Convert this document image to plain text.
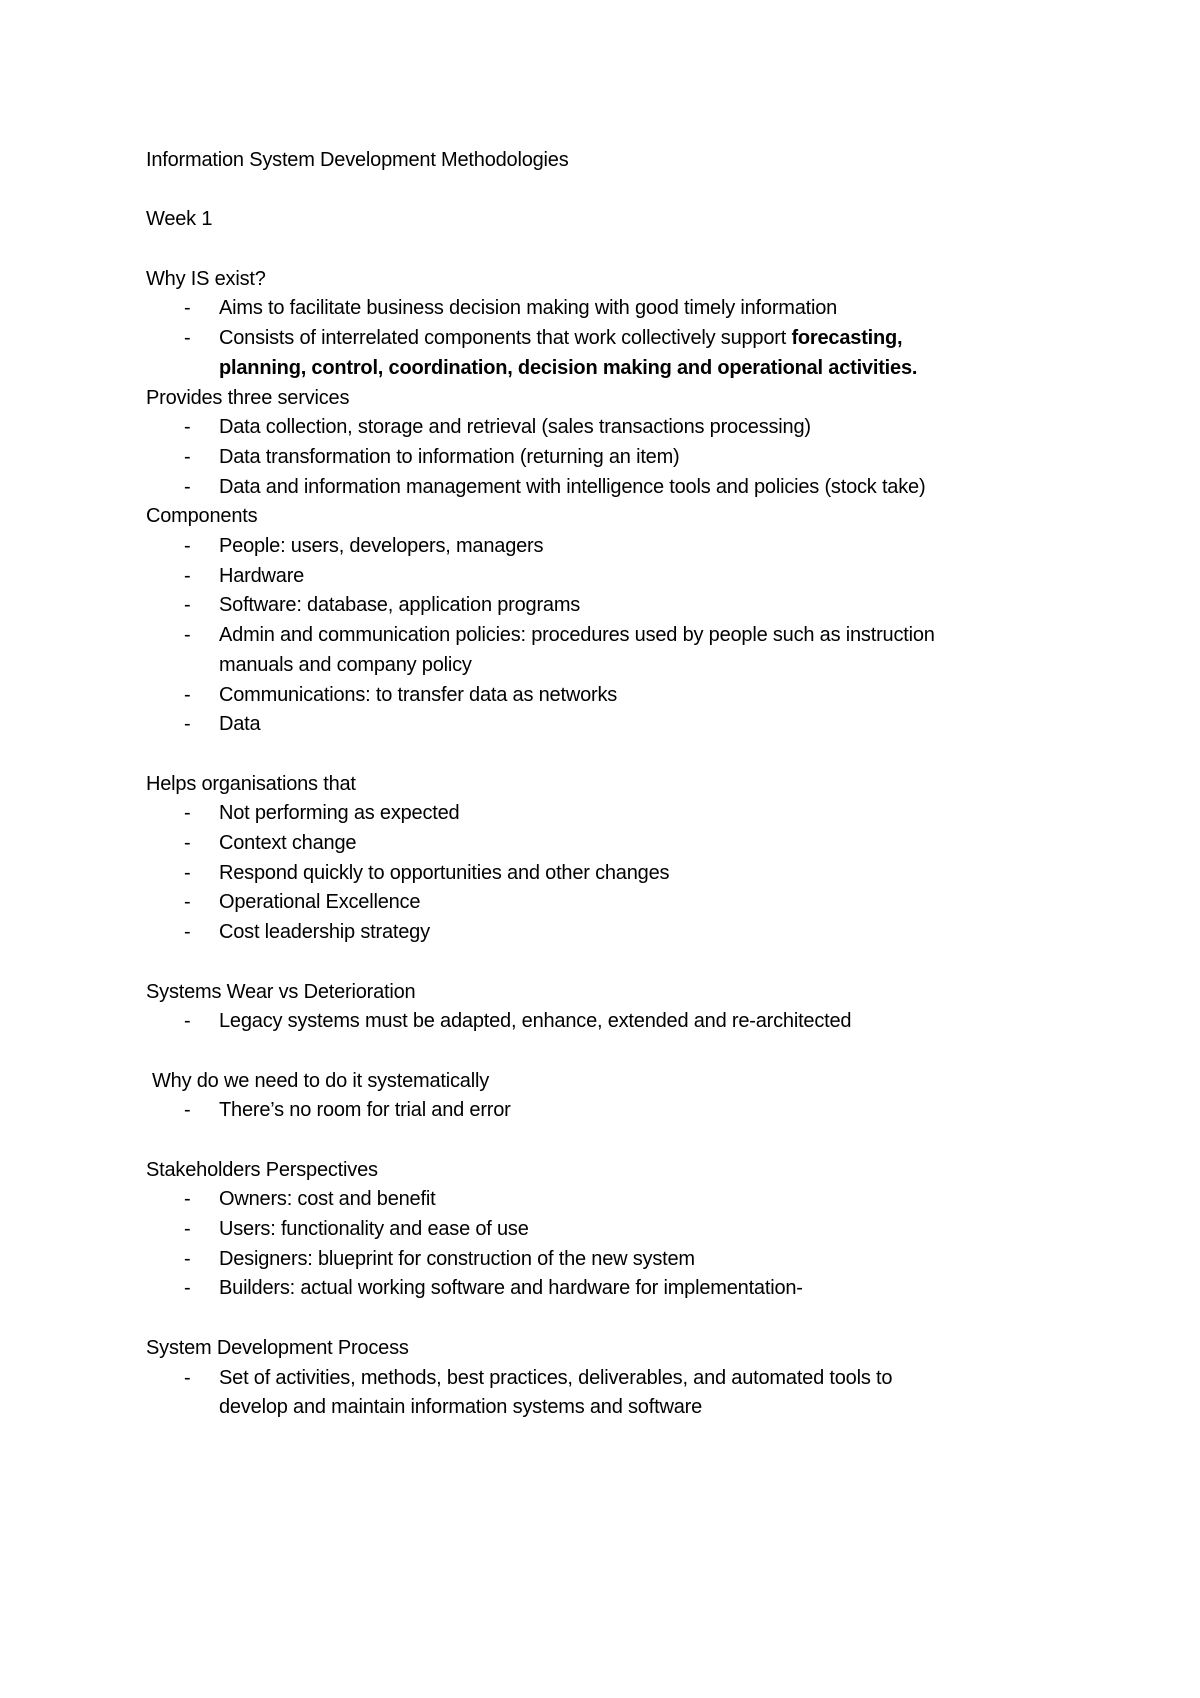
Information System Development Methodologies
Week 1
Why IS exist?
-	Aims to facilitate business decision making with good timely information
-	Consists of interrelated components that work collectively support forecasting,
planning, control, coordination, decision making and operational activities.
Provides three services
-	Data collection, storage and retrieval (sales transactions processing)
-	Data transformation to information (returning an item)
-	Data and information management with intelligence tools and policies (stock take)
Components
-	People: users, developers, managers
-	Hardware
-	Software: database, application programs
-	Admin and communication policies: procedures used by people such as instruction
manuals and company policy
-	Communications: to transfer data as networks
-	Data
Helps organisations that
-	Not performing as expected
-	Context change
-	Respond quickly to opportunities and other changes
-	Operational Excellence
-	Cost leadership strategy
Systems Wear vs Deterioration
-	Legacy systems must be adapted, enhance, extended and re-architected
Why do we need to do it systematically
-	There’s no room for trial and error
Stakeholders Perspectives
-	Owners: cost and benefit
-	Users: functionality and ease of use
-	Designers: blueprint for construction of the new system
-	Builders: actual working software and hardware for implementation-
System Development Process
-	Set of activities, methods, best practices, deliverables, and automated tools to
develop and maintain information systems and software
